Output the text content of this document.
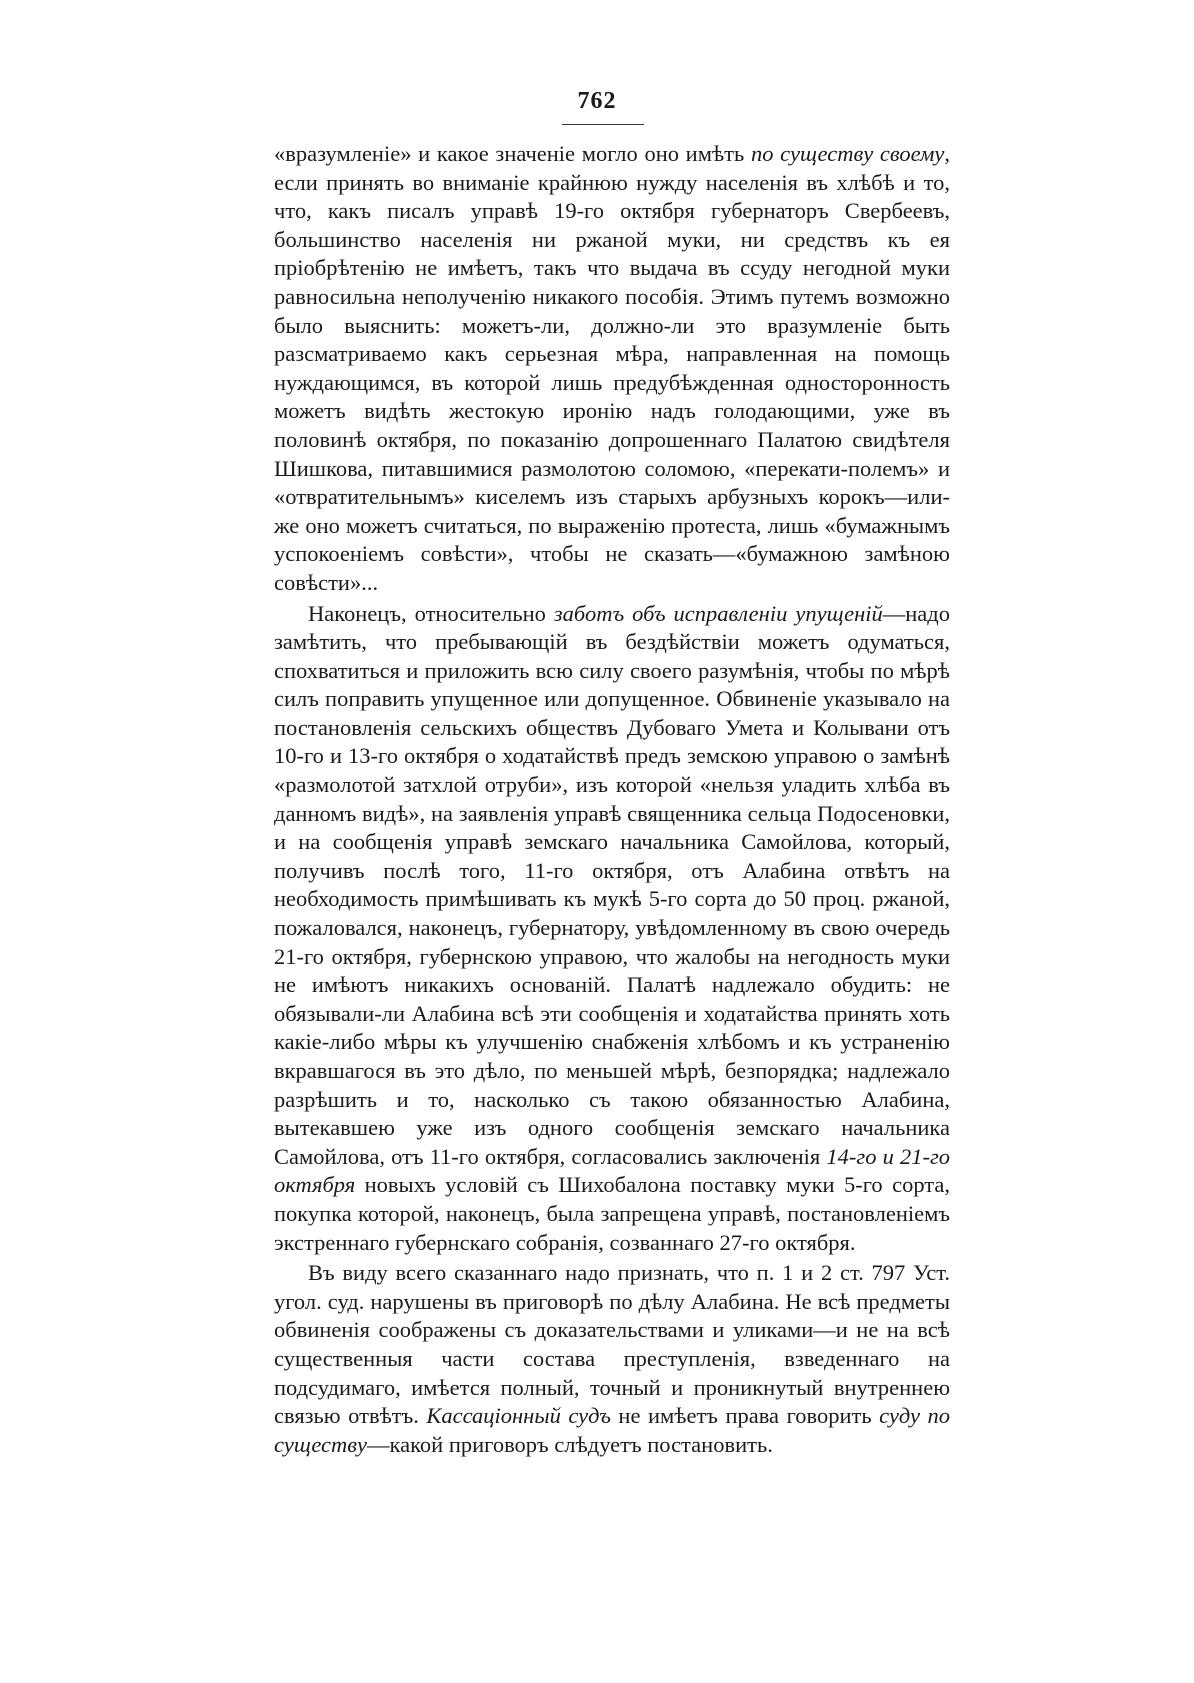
762

«вразумленіе» и какое значеніе могло оно имѣть по существу своему, если принять во вниманіе крайнюю нужду населенія въ хлѣбѣ и то, что, какъ писалъ управѣ 19-го октября губернаторъ Свербеевъ, большинство населенія ни ржаной муки, ни средствъ къ ея пріобрѣтенію не имѣетъ, такъ что выдача въ ссуду негодной муки равносильна неполученію никакого пособія. Этимъ путемъ возможно было выяснить: можетъ-ли, должно-ли это вразумленіе быть разсматриваемо какъ серьезная мѣра, направленная на помощь нуждающимся, въ которой лишь предубѣжденная односторонность можетъ видѣть жестокую иронію надъ голодающими, уже въ половинѣ октября, по показанію допрошеннаго Палатою свидѣтеля Шишкова, питавшимися размолотою соломою, «перекати-полемъ» и «отвратительнымъ» киселемъ изъ старыхъ арбузныхъ корокъ—или-же оно можетъ считаться, по выраженію протеста, лишь «бумажнымъ успокоеніемъ совѣсти», чтобы не сказать—«бумажною замѣною совѣсти»...

Наконецъ, относительно заботъ объ исправленіи упущеній—надо замѣтить, что пребывающій въ бездѣйствіи можетъ одуматься, спохватиться и приложить всю силу своего разумѣнія, чтобы по мѣрѣ силъ поправить упущенное или допущенное. Обвиненіе указывало на постановленія сельскихъ обществъ Дубоваго Умета и Колывани отъ 10-го и 13-го октября о ходатайствѣ предъ земскою управою о замѣнѣ «размолотой затхлой отруби», изъ которой «нельзя уладить хлѣба въ данномъ видѣ», на заявленія управѣ священника сельца Подосеновки, и на сообщенія управѣ земскаго начальника Самойлова, который, получивъ послѣ того, 11-го октября, отъ Алабина отвѣтъ на необходимость примѣшивать къ мукѣ 5-го сорта до 50 проц. ржаной, пожаловался, наконецъ, губернатору, увѣдомленному въ свою очередь 21-го октября, губернскою управою, что жалобы на негодность муки не имѣютъ никакихъ основаній. Палатѣ надлежало обудить: не обязывали-ли Алабина всѣ эти сообщенія и ходатайства принять хоть какіе-либо мѣры къ улучшенію снабженія хлѣбомъ и къ устраненію вкравшагося въ это дѣло, по меньшей мѣрѣ, безпорядка; надлежало разрѣшить и то, насколько съ такою обязанностью Алабина, вытекавшею уже изъ одного сообщенія земскаго начальника Самойлова, отъ 11-го октября, согласовались заключенія 14-го и 21-го октября новыхъ условій съ Шихобалона поставку муки 5-го сорта, покупка которой, наконецъ, была запрещена управѣ, постановленіемъ экстреннаго губернскаго собранія, созваннаго 27-го октября.

Въ виду всего сказаннаго надо признать, что п. 1 и 2 ст. 797 Уст. угол. суд. нарушены въ приговорѣ по дѣлу Алабина. Не всѣ предметы обвиненія соображены съ доказательствами и уликами—и не на всѣ существенныя части состава преступленія, взведеннаго на подсудимаго, имѣется полный, точный и проникнутый внутреннею связью отвѣтъ. Кассаціонный судъ не имѣетъ права говорить суду по существу—какой приговоръ слѣдуетъ постановить.
